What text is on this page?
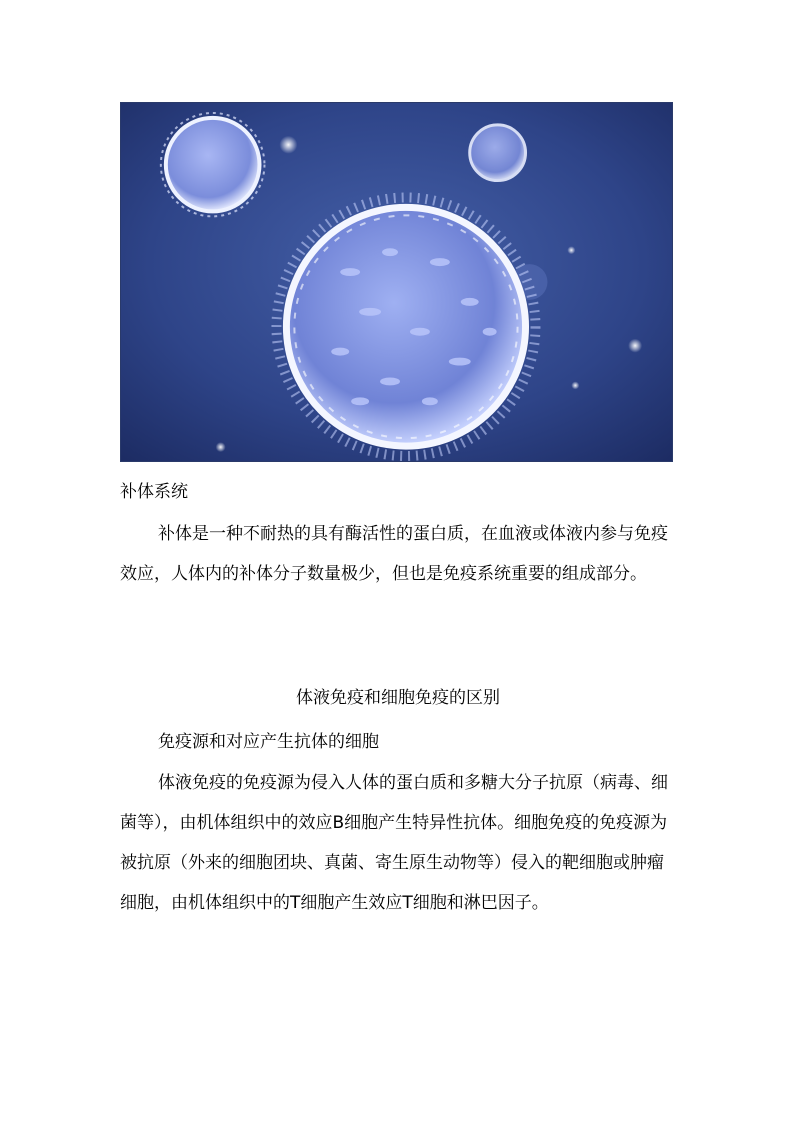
补体系统

补体是一种不耐热的具有酶活性的蛋白质，在血液或体液内参与免疫效应，人体内的补体分子数量极少，但也是免疫系统重要的组成部分。

体液免疫和细胞免疫的区别
免疫源和对应产生抗体的细胞

体液免疫的免疫源为侵入人体的蛋白质和多糖大分子抗原（病毒、细菌等），由机体组织中的效应B细胞产生特异性抗体。细胞免疫的免疫源为被抗原（外来的细胞团块、真菌、寄生原生动物等）侵入的靶细胞或肿瘤细胞，由机体组织中的T细胞产生效应T细胞和淋巴因子。
